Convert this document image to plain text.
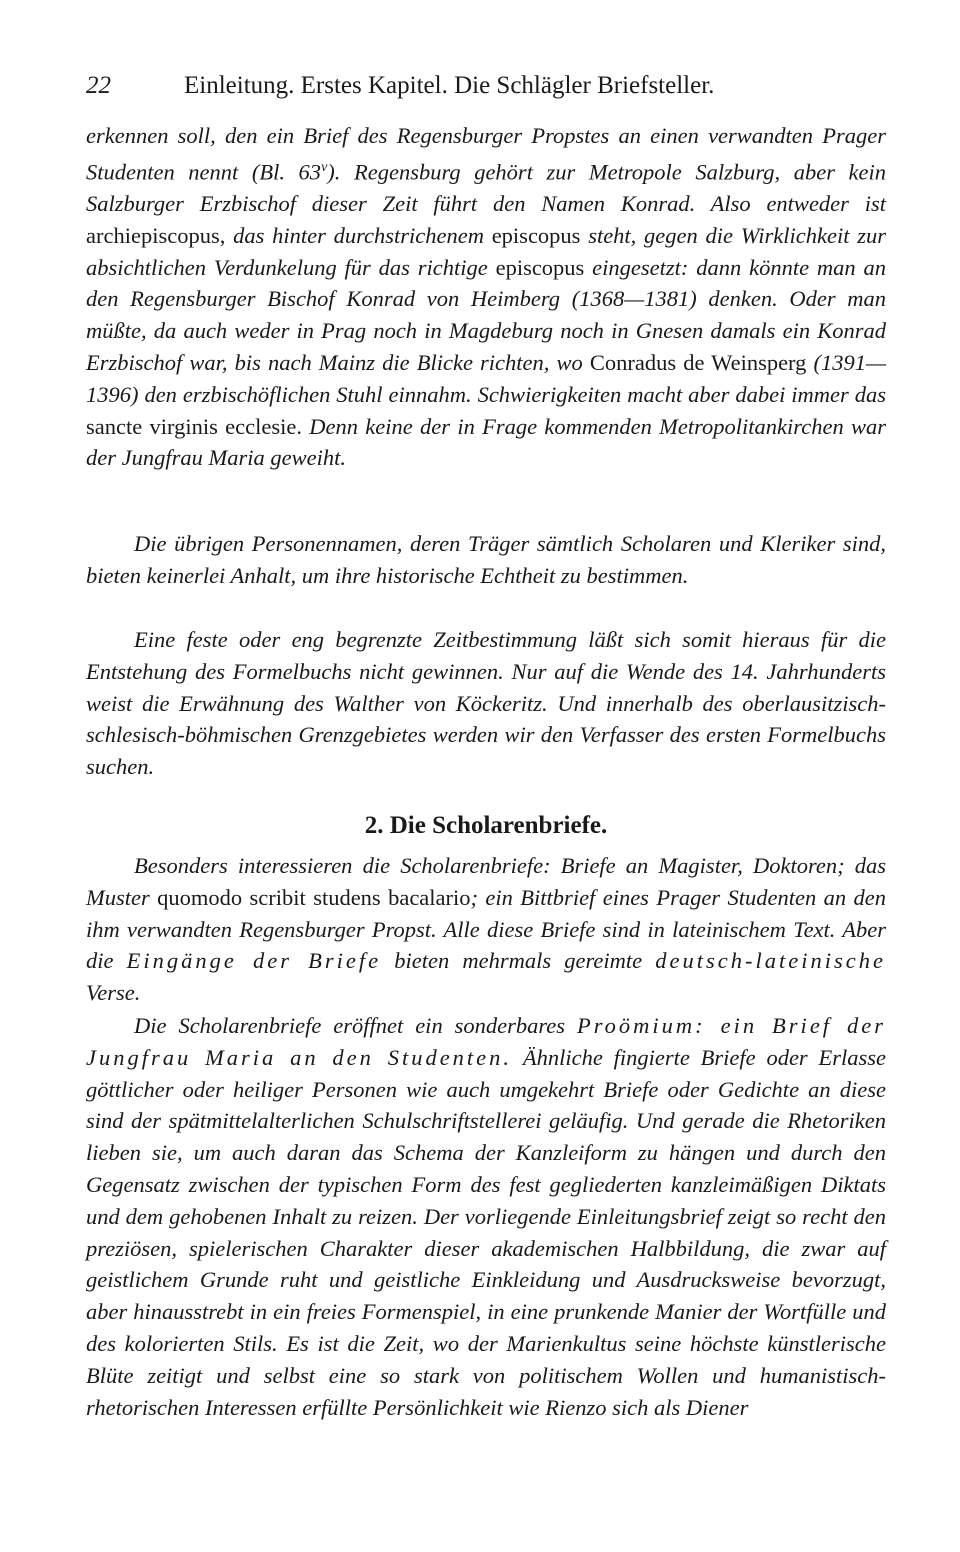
22	Einleitung. Erstes Kapitel. Die Schlägler Briefsteller.
erkennen soll, den ein Brief des Regensburger Propstes an einen verwandten Prager Studenten nennt (Bl. 63$^v$). Regensburg gehört zur Metropole Salzburg, aber kein Salzburger Erzbischof dieser Zeit führt den Namen Konrad. Also entweder ist archiepiscopus, das hinter durchstrichenem episcopus steht, gegen die Wirklichkeit zur absichtlichen Verdunkelung für das richtige episcopus eingesetzt: dann könnte man an den Regensburger Bischof Konrad von Heimberg (1368—1381) denken. Oder man müßte, da auch weder in Prag noch in Magdeburg noch in Gnesen damals ein Konrad Erzbischof war, bis nach Mainz die Blicke richten, wo Conradus de Weinsperg (1391—1396) den erzbischöflichen Stuhl einnahm. Schwierigkeiten macht aber dabei immer das sancte virginis ecclesie. Denn keine der in Frage kommenden Metropolitankirchen war der Jungfrau Maria geweiht.

Die übrigen Personennamen, deren Träger sämtlich Scholaren und Kleriker sind, bieten keinerlei Anhalt, um ihre historische Echtheit zu bestimmen.

Eine feste oder eng begrenzte Zeitbestimmung läßt sich somit hieraus für die Entstehung des Formelbuchs nicht gewinnen. Nur auf die Wende des 14. Jahrhunderts weist die Erwähnung des Walther von Köckeritz. Und innerhalb des oberlausitzisch-schlesisch-böhmischen Grenzgebietes werden wir den Verfasser des ersten Formelbuchs suchen.

2. Die Scholarenbriefe.
Besonders interessieren die Scholarenbriefe: Briefe an Magister, Doktoren; das Muster quomodo scribit studens bacalario; ein Bittbrief eines Prager Studenten an den ihm verwandten Regensburger Propst. Alle diese Briefe sind in lateinischem Text. Aber die Eingänge der Briefe bieten mehrmals gereimte deutsch-lateinische Verse.
Die Scholarenbriefe eröffnet ein sonderbares Proömium: ein Brief der Jungfrau Maria an den Studenten. Ähnliche fingierte Briefe oder Erlasse göttlicher oder heiliger Personen wie auch umgekehrt Briefe oder Gedichte an diese sind der spätmittelalterlichen Schulschriftstellerei geläufig. Und gerade die Rhetoriken lieben sie, um auch daran das Schema der Kanzleiform zu hängen und durch den Gegensatz zwischen der typischen Form des fest gegliederten kanzleimäßigen Diktats und dem gehobenen Inhalt zu reizen. Der vorliegende Einleitungsbrief zeigt so recht den preziösen, spielerischen Charakter dieser akademischen Halbbildung, die zwar auf geistlichem Grunde ruht und geistliche Einkleidung und Ausdrucksweise bevorzugt, aber hinausstrebt in ein freies Formenspiel, in eine prunkende Manier der Wortfülle und des kolorierten Stils. Es ist die Zeit, wo der Marienkultus seine höchste künstlerische Blüte zeitigt und selbst eine so stark von politischem Wollen und humanistisch-rhetorischen Interessen erfüllte Persönlichkeit wie Rienzo sich als Diener
